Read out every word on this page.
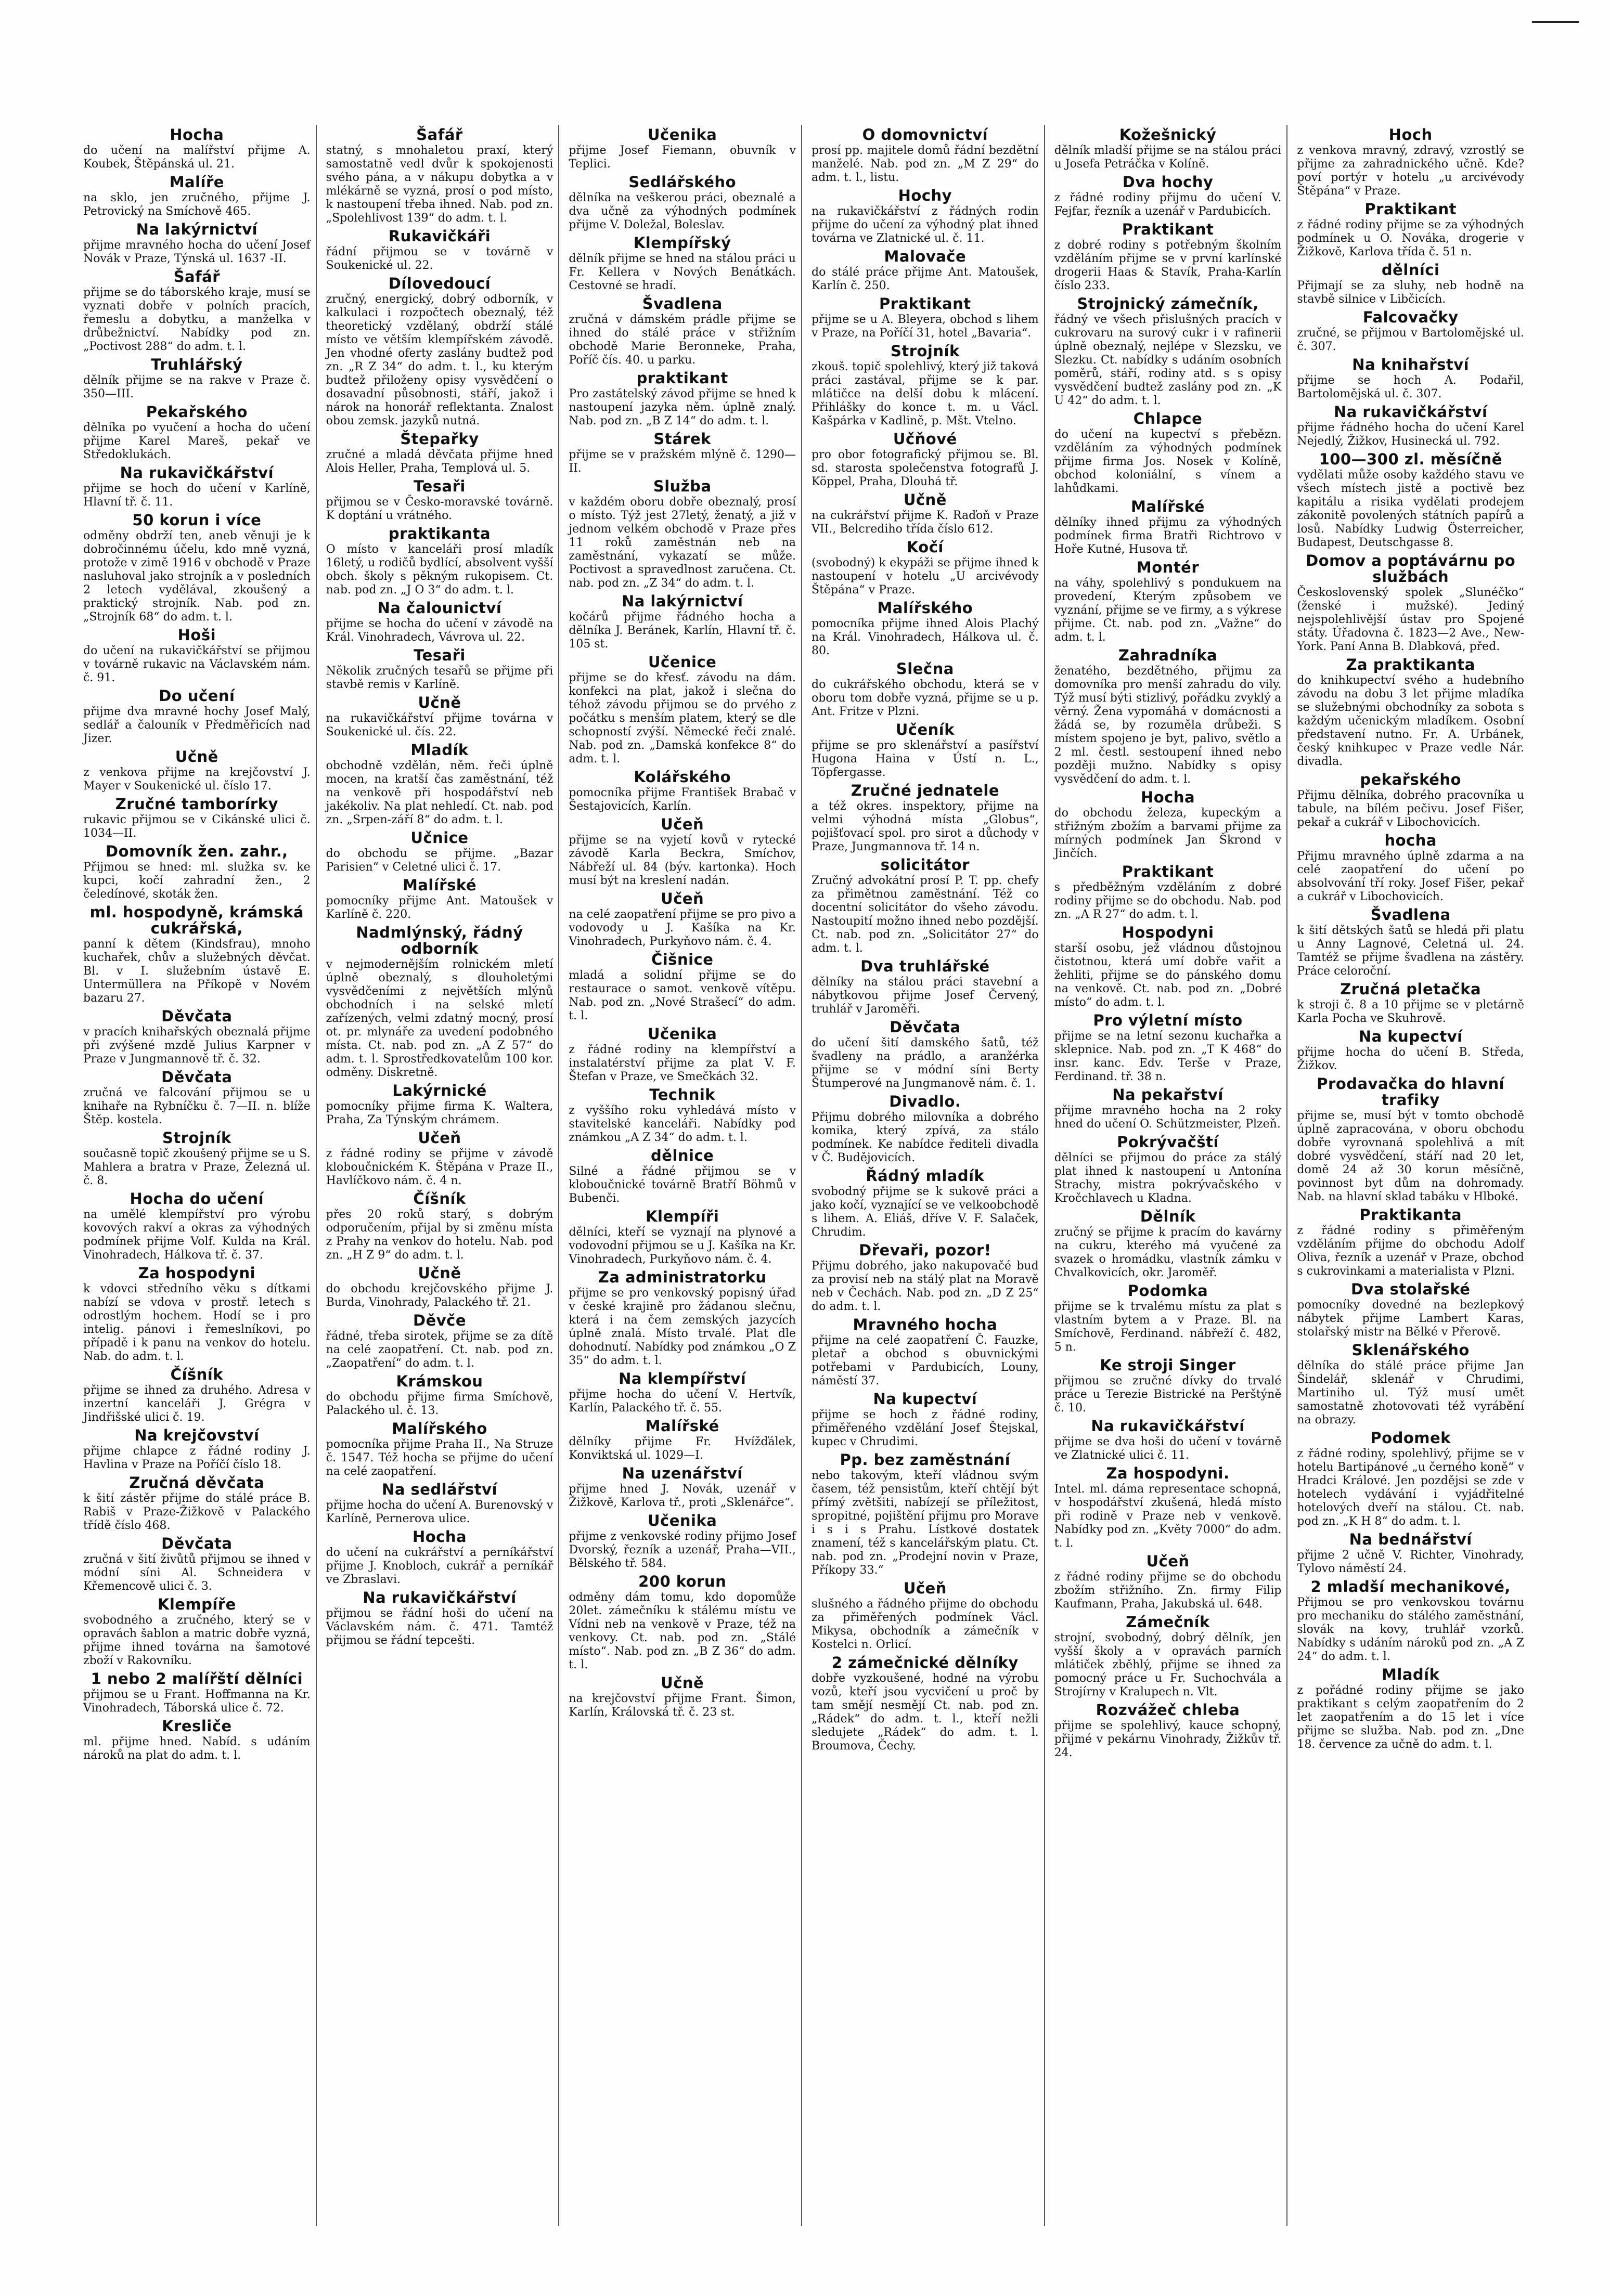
Hocha

do učení na malířství přijme A. Koubek, Štěpánská ul. 21.

Malíře

na sklo, jen zručného, přijme J. Petrovický na Smíchově 465.

Na lakýrnictví

přijme mravného hocha do učení Josef Novák v Praze, Týnská ul. 1637 -II.

Šafář

přijme se do táborského kraje, musí se vyznati dobře v polních pracích, řemeslu a dobytku, a manželka v drůbežnictví. Nabídky pod zn. „Poctivost 288“ do adm. t. l.

Truhlářský

dělník přijme se na rakve v Praze č. 350—III.

Pekařského

dělníka po vyučení a hocha do učení přijme Karel Mareš, pekař ve Středoklukách.

Na rukavičkářství

přijme se hoch do učení v Karlíně, Hlavní tř. č. 11.

50 korun i více

odměny obdrží ten, aneb věnuji je k dobročinnému účelu, kdo mně vyzná, protože v zimě 1916 v obchodě v Praze nasluhoval jako strojník a v posledních 2 letech vydělával, zkoušený a praktický strojník. Nab. pod zn. „Strojník 68“ do adm. t. l.

Hoši

do učení na rukavičkářství se přijmou v továrně rukavic na Václavském nám. č. 91.

Do učení

přijme dva mravné hochy Josef Malý, sedlář a čalouník v Předměřicích nad Jizer.

Učně

z venkova přijme na krejčovství J. Mayer v Soukenické ul. číslo 17.

Zručné tamborírky

rukavic přijmou se v Cikánské ulici č. 1034—II.

Domovník žen. zahr.,

Přijmou se hned: ml. služka sv. ke kupci, kočí zahradní žen., 2 čeledínové, skoták žen.

ml. hospodyně, krámská cukrářská,

panní k dětem (Kindsfrau), mnoho kuchařek, chův a služebných děvčat. Bl. v I. služebním ústavě E. Untermüllera na Příkopě v Novém bazaru 27.

Děvčata

v pracích knihařských obeznalá přijme při zvýšené mzdě Julius Karpner v Praze v Jungmannově tř. č. 32.

Děvčata

zručná ve falcování přijmou se u knihaře na Rybníčku č. 7—II. n. blíže Štěp. kostela.

Strojník

současně topič zkoušený přijme se u S. Mahlera a bratra v Praze, Železná ul. č. 8.

Hocha do učení

na umělé klempířství pro výrobu kovových rakví a okras za výhodných podmínek přijme Volf. Kulda na Král. Vinohradech, Hálkova tř. č. 37.

Za hospodyni

k vdovci středního věku s dítkami nabízí se vdova v prostř. letech s odrostlým hochem. Hodí se i pro intelig. pánovi i řemeslníkovi, po případě i k panu na venkov do hotelu. Nab. do adm. t. l.

Číšník

přijme se ihned za druhého. Adresa v inzertní kanceláři J. Grégra v Jindřišské ulici č. 19.

Na krejčovství

přijme chlapce z řádné rodiny J. Havlina v Praze na Poříčí číslo 18.

Zručná děvčata

k šití zástěr přijme do stálé práce B. Rabiš v Praze-Žižkově v Palackého třídě číslo 468.

Děvčata

zručná v šití živůtů přijmou se ihned v módní síni Al. Schneidera v Křemencově ulici č. 3.

Klempíře

svobodného a zručného, který se v opravách šablon a matric dobře vyzná, přijme ihned továrna na šamotové zboží v Rakovníku.

1 nebo 2 malířští dělníci

přijmou se u Frant. Hoffmanna na Kr. Vinohradech, Táborská ulice č. 72.

Kresliče

ml. přijme hned. Nabíd. s udáním nároků na plat do adm. t. l.

Šafář

statný, s mnohaletou praxí, který samostatně vedl dvůr k spokojenosti svého pána, a v nákupu dobytka a v mlékárně se vyzná, prosí o pod místo, k nastoupení třeba ihned. Nab. pod zn. „Spolehlivost 139“ do adm. t. l.

Rukavičkáři

řádní přijmou se v továrně v Soukenické ul. 22.

Dílovedoucí

zručný, energický, dobrý odborník, v kalkulaci i rozpočtech obeznalý, též theoretický vzdělaný, obdrží stálé místo ve větším klempířském závodě. Jen vhodné oferty zaslány budtež pod zn. „R Z 34“ do adm. t. l., ku kterým budtež přiloženy opisy vysvědčení o dosavadní působnosti, stáří, jakož i nárok na honorář reflektanta. Znalost obou zemsk. jazyků nutná.

Štepařky

zručné a mladá děvčata přijme hned Alois Heller, Praha, Templová ul. 5.

Tesaři

přijmou se v Česko-moravské továrně. K doptání u vrátného.

praktikanta

O místo v kanceláři prosí mladík 16letý, u rodičů bydlící, absolvent vyšší obch. školy s pěkným rukopisem. Ct. nab. pod zn. „J O 3“ do adm. t. l.

Na čalounictví

přijme se hocha do učení v závodě na Král. Vinohradech, Vávrova ul. 22.

Tesaři

Několik zručných tesařů se přijme při stavbě remis v Karlíně.

Učně

na rukavičkářství přijme továrna v Soukenické ul. čís. 22.

Mladík

obchodně vzdělán, něm. řeči úplně mocen, na kratší čas zaměstnání, též na venkově při hospodářství neb jakékoliv. Na plat nehledí. Ct. nab. pod zn. „Srpen-září 8“ do adm. t. l.

Učnice

do obchodu se přijme. „Bazar Parisien“ v Celetné ulici č. 17.

Malířské

pomocníky přijme Ant. Matoušek v Karlíně č. 220.

Nadmlýnský, řádný odborník

v nejmodernějším rolnickém mletí úplně obeznalý, s dlouholetými vysvědčeními z největších mlýnů obchodních i na selské mletí zařízených, velmi zdatný mocný, prosí ot. pr. mlynáře za uvedení podobného místa. Ct. nab. pod zn. „A Z 57“ do adm. t. l. Sprostředkovatelům 100 kor. odměny. Diskretně.

Lakýrnické

pomocníky přijme firma K. Waltera, Praha, Za Týnským chrámem.

Učeň

z řádné rodiny se přijme v závodě kloboučnickém K. Štěpána v Praze II., Havlíčkovo nám. č. 4 n.

Číšník

přes 20 roků starý, s dobrým odporučením, přijal by si změnu místa z Prahy na venkov do hotelu. Nab. pod zn. „H Z 9“ do adm. t. l.

Učně

do obchodu krejčovského přijme J. Burda, Vinohrady, Palackého tř. 21.

Děvče

řádné, třeba sirotek, přijme se za dítě na celé zaopatření. Ct. nab. pod zn. „Zaopatření“ do adm. t. l.

Krámskou

do obchodu přijme firma Smíchově, Palackého ul. č. 13.

Malířského

pomocníka přijme Praha II., Na Struze č. 1547. Též hocha se přijme do učení na celé zaopatření.

Na sedlářství

přijme hocha do učení A. Burenovský v Karlíně, Pernerova ulice.

Hocha

do učení na cukrářství a perníkářství přijme J. Knobloch, cukrář a perníkář ve Zbraslavi.

Na rukavičkářství

přijmou se řádní hoši do učení na Václavském nám. č. 471. Tamtéž přijmou se řádní tepcešti.

Učenika

přijme Josef Fiemann, obuvník v Teplici.

Sedlářského

dělníka na veškerou práci, obeznalé a dva učně za výhodných podmínek přijme V. Doležal, Boleslav.

Klempířský

dělník přijme se hned na stálou práci u Fr. Kellera v Nových Benátkách. Cestovné se hradí.

Švadlena

zručná v dámském prádle přijme se ihned do stálé práce v střižním obchodě Marie Beronneke, Praha, Poříč čís. 40. u parku.

praktikant

Pro zastátelský závod přijme se hned k nastoupení jazyka něm. úplně znalý. Nab. pod zn. „B Z 14“ do adm. t. l.

Stárek

přijme se v pražském mlýně č. 1290—II.

Služba

v každém oboru dobře obeznalý, prosí o místo. Týž jest 27letý, ženatý, a již v jednom velkém obchodě v Praze přes 11 roků zaměstnán neb na zaměstnání, vykazatí se může. Poctivost a spravedlnost zaručena. Ct. nab. pod zn. „Z 34“ do adm. t. l.

Na lakýrnictví

kočárů přijme řádného hocha a dělníka J. Beránek, Karlín, Hlavní tř. č. 105 st.

Učenice

přijme se do křesť. závodu na dám. konfekci na plat, jakož i slečna do téhož závodu přijmou se do prvého z počátku s menším platem, který se dle schopností zvýší. Německé řeči znalé. Nab. pod zn. „Damská konfekce 8“ do adm. t. l.

Kolářského

pomocníka přijme František Brabač v Šestajovicích, Karlín.

Učeň

přijme se na vyjetí kovů v rytecké závodě Karla Beckra, Smíchov, Nábřeží ul. 84 (býv. kartonka). Hoch musí být na kreslení nadán.

Učeň

na celé zaopatření přijme se pro pivo a vodovody u J. Kašíka na Kr. Vinohradech, Purkyňovo nám. č. 4.

Čišnice

mladá a solidní přijme se do restaurace o samot. venkově vítěpu. Nab. pod zn. „Nové Strašecí“ do adm. t. l.

Učenika

z řádné rodiny na klempířství a instalatérství přijme za plat V. F. Štefan v Praze, ve Smečkách 32.

Technik

z vyššího roku vyhledává místo v stavitelské kanceláři. Nabídky pod známkou „A Z 34“ do adm. t. l.

dělnice

Silné a řádné přijmou se v kloboučnické továrně Bratří Böhmů v Bubenči.

Klempíři

dělníci, kteří se vyznají na plynové a vodovodní přijmou se u J. Kašíka na Kr. Vinohradech, Purkyňovo nám. č. 4.

Za administratorku

přijme se pro venkovský popisný úřad v české krajině pro žádanou slečnu, která i na čem zemských jazycích úplně znalá. Místo trvalé. Plat dle dohodnutí. Nabídky pod známkou „O Z 35“ do adm. t. l.

Na klempířství

přijme hocha do učení V. Hertvík, Karlín, Palackého tř. č. 55.

Malířské

dělníky přijme Fr. Hvížďálek, Konviktská ul. 1029—I.

Na uzenářství

přijme hned J. Novák, uzenář v Žižkově, Karlova tř., proti „Sklenářce“.

Učenika

přijme z venkovské rodiny přijmo Josef Dvorský, řezník a uzenář, Praha—VII., Bělského tř. 584.

200 korun

odměny dám tomu, kdo dopomůže 20let. zámečníku k stálému místu ve Vídni neb na venkově v Praze, též na venkovy. Ct. nab. pod zn. „Stálé místo“. Nab. pod zn. „B Z 36“ do adm. t. l.

Učně

na krejčovství přijme Frant. Šimon, Karlín, Královská tř. č. 23 st.

O domovnictví

prosí pp. majitele domů řádní bezdětní manželé. Nab. pod zn. „M Z 29“ do adm. t. l., listu.

Hochy

na rukavičkářství z řádných rodin přijme do učení za výhodný plat ihned továrna ve Zlatnické ul. č. 11.

Malovače

do stálé práce přijme Ant. Matoušek, Karlín č. 250.

Praktikant

přijme se u A. Bleyera, obchod s lihem v Praze, na Poříčí 31, hotel „Bavaria“.

Strojník

zkouš. topič spolehlivý, který již taková práci zastával, přijme se k par. mlátičce na delší dobu k mlácení. Přihlášky do konce t. m. u Václ. Kašpárka v Kadlině, p. Mšt. Vtelno.

Učňové

pro obor fotografický přijmou se. Bl. sd. starosta společenstva fotografů J. Köppel, Praha, Dlouhá tř.

Učně

na cukrářství přijme K. Raďoň v Praze VII., Belcrediho třída číslo 612.

Kočí

(svobodný) k ekypáži se přijme ihned k nastoupení v hotelu „U arcivévody Štěpána“ v Praze.

Malířského

pomocníka přijme ihned Alois Plachý na Král. Vinohradech, Hálkova ul. č. 80.

Slečna

do cukrářského obchodu, která se v oboru tom dobře vyzná, přijme se u p. Ant. Fritze v Plzni.

Učeník

přijme se pro sklenářství a pasířství Hugona Haina v Ústí n. L., Töpfergasse.

Zručné jednatele

a též okres. inspektory, přijme na velmi výhodná místa „Globus“, pojišťovací spol. pro sirot a důchody v Praze, Jungmannova tř. 14 n.

solicitátor

Zručný advokátní prosí P. T. pp. chefy za přimětnou zaměstnání. Též co docentní solicitátor do všeho závodu. Nastoupití možno ihned nebo pozdější. Ct. nab. pod zn. „Solicitátor 27“ do adm. t. l.

Dva truhlářské

dělníky na stálou práci stavební a nábytkovou přijme Josef Červený, truhlář v Jaroměři.

Děvčata

do učení šití damského šatů, též švadleny na prádlo, a aranžérka přijme se v módní síni Berty Štumperové na Jungmanově nám. č. 1.

Divadlo.

Přijmu dobrého milovníka a dobrého komika, který zpívá, za stálo podmínek. Ke nabídce řediteli divadla v Č. Budějovicích.

Řádný mladík

svobodný přijme se k sukově práci a jako kočí, vyznající se ve velkoobchodě s lihem. A. Eliáš, dříve V. F. Salaček, Chrudim.

Dřevaři, pozor!

Přijmu dobrého, jako nakupovačé bud za provisí neb na stálý plat na Moravě neb v Čechách. Nab. pod zn. „D Z 25“ do adm. t. l.

Mravného hocha

přijme na celé zaopatření Č. Fauzke, pletař a obchod s obuvnickými potřebami v Pardubicích, Louny, náměstí 37.

Na kupectví

přijme se hoch z řádné rodiny, přiměřeného vzdělání Josef Štejskal, kupec v Chrudimi.

Pp. bez zaměstnání

nebo takovým, kteří vládnou svým časem, též pensistům, kteří chtějí být přímý zvětšiti, nabízejí se příležitost, spropitné, pojištění přijmu pro Morave i s i s Prahu. Lístkové dostatek znamení, též s kancelářským platu. Ct. nab. pod zn. „Prodejní novin v Praze, Příkopy 33.“

Učeň

slušného a řádného přijme do obchodu za přiměřených podmínek Václ. Mikysa, obchodník a zámečník v Kostelci n. Orlicí.

2 zámečnické dělníky

dobře vyzkoušené, hodné na výrobu vozů, kteří jsou vycvičení u proč by tam smějí nesmějí Ct. nab. pod zn. „Rádek“ do adm. t. l., kteří nežli sledujete „Rádek“ do adm. t. l. Broumova, Čechy.

Kožešnický

dělník mladší přijme se na stálou práci u Josefa Petráčka v Kolíně.

Dva hochy

z řádné rodiny přijmu do učení V. Fejfar, řezník a uzenář v Pardubicích.

Praktikant

z dobré rodiny s potřebným školním vzděláním přijme se v první karlínské drogerii Haas & Stavík, Praha-Karlín číslo 233.

Strojnický zámečník,

řádný ve všech přislušných pracích v cukrovaru na surový cukr i v rafinerii úplně obeznalý, nejlépe v Slezsku, ve Slezku. Ct. nabídky s udáním osobních poměrů, stáří, rodiny atd. s s opisy vysvědčení budtež zaslány pod zn. „K U 42“ do adm. t. l.

Chlapce

do učení na kupectví s přebězn. vzděláním za výhodných podmínek přijme firma Jos. Nosek v Kolíně, obchod koloniální, s vínem a lahůdkami.

Malířské

dělníky ihned přijmu za výhodných podmínek firma Bratři Richtrovo v Hoře Kutné, Husova tř.

Montér

na váhy, spolehlivý s pondukuem na provedení, Kterým způsobem ve vyznání, přijme se ve firmy, a s výkrese přijme. Ct. nab. pod zn. „Važne“ do adm. t. l.

Zahradníka

ženatého, bezdětného, přijmu za domovníka pro menší zahradu do vily. Týž musí býti stizlivý, pořádku zvyklý a věrný. Žena vypomáhá v domácnosti a žádá se, by rozuměla drůbeži. S místem spojeno je byt, palivo, světlo a 2 ml. čestl. sestoupení ihned nebo později mužno. Nabídky s opisy vysvědčení do adm. t. l.

Hocha

do obchodu železa, kupeckým a střižným zbožím a barvami přijme za mírných podmínek Jan Škrond v Jinčích.

Praktikant

s předběžným vzděláním z dobré rodiny přijme se do obchodu. Nab. pod zn. „A R 27“ do adm. t. l.

Hospodyni

starší osobu, jež vládnou důstojnou čistotnou, která umí dobře vařit a žehliti, přijme se do pánského domu na venkově. Ct. nab. pod zn. „Dobré místo“ do adm. t. l.

Pro výletní místo

přijme se na letní sezonu kuchařka a sklepnice. Nab. pod zn. „T K 468“ do insr. kanc. Edv. Terše v Praze, Ferdinand. tř. 38 n.

Na pekařství

přijme mravného hocha na 2 roky hned do učení O. Schützmeister, Plzeň.

Pokrývačští

dělníci se přijmou do práce za stálý plat ihned k nastoupení u Antonína Strachy, mistra pokrývačského v Kročchlavech u Kladna.

Dělník

zručný se přijme k pracím do kavárny na cukru, kterého má vyučené za svazek o hromádku, vlastník zámku v Chvalkovicích, okr. Jaroměř.

Podomka

přijme se k trvalému místu za plat s vlastním bytem a v Praze. Bl. na Smíchově, Ferdinand. nábřeží č. 482, 5 n.

Ke stroji Singer

přijmou se zručné dívky do trvalé práce u Terezie Bistrické na Perštýně č. 10.

Na rukavičkářství

přijme se dva hoši do učení v továrně ve Zlatnické ulici č. 11.

Za hospodyni.

Intel. ml. dáma representace schopná, v hospodářství zkušená, hledá místo při rodině v Praze neb v venkově. Nabídky pod zn. „Květy 7000“ do adm. t. l.

Učeň

z řádné rodiny přijme se do obchodu zbožím střižního. Zn. firmy Filip Kaufmann, Praha, Jakubská ul. 648.

Zámečník

strojní, svobodný, dobrý dělník, jen vyšší školy a v opravách parních mlátiček zběhlý, přijme se ihned za pomocný práce u Fr. Suchochvála a Strojírny v Kralupech n. Vlt.

Rozvážeč chleba

přijme se spolehlivý, kauce schopný, přijmé v pekárnu Vinohrady, Žižkův tř. 24.

Hoch

z venkova mravný, zdravý, vzrostlý se přijme za zahradnického učně. Kde? poví portýr v hotelu „u arcivévody Štěpána“ v Praze.

Praktikant

z řádné rodiny přijme se za výhodných podmínek u O. Nováka, drogerie v Žižkově, Karlova třída č. 51 n.

dělníci

Přijmají se za sluhy, neb hodně na stavbě silnice v Libčicích.

Falcovačky

zručné, se přijmou v Bartolomějské ul. č. 307.

Na knihařství

přijme se hoch A. Podařil, Bartolomějská ul. č. 307.

Na rukavičkářství

přijme řádného hocha do učení Karel Nejedlý, Žižkov, Husinecká ul. 792.

100—300 zl. měsíčně

vydělati může osoby každého stavu ve všech místech jistě a poctivě bez kapitálu a risika vydělati prodejem zákonitě povolených státních papírů a losů. Nabídky Ludwig Österreicher, Budapest, Deutschgasse 8.

Domov a poptávárnu po službách

Československý spolek „Slunéčko“ (ženské i mužské). Jediný nejspolehlivější ústav pro Spojené státy. Úřadovna č. 1823—2 Ave., New-York. Paní Anna B. Dlabková, před.

Za praktikanta

do knihkupectví svého a hudebního závodu na dobu 3 let přijme mladíka se služebnými obchodníky za sobota s každým učenickým mladíkem. Osobní představení nutno. Fr. A. Urbánek, český knihkupec v Praze vedle Nár. divadla.

pekařského

Přijmu dělníka, dobrého pracovníka u tabule, na bílém pečivu. Josef Fišer, pekař a cukrář v Libochovicích.

hocha

Přijmu mravného úplně zdarma a na celé zaopatření do učení po absolvování tří roky. Josef Fišer, pekař a cukrář v Libochovicích.

Švadlena

k šití dětských šatů se hledá při platu u Anny Lagnové, Celetná ul. 24. Tamtéž se přijme švadlena na zástěry. Práce celoroční.

Zručná pletačka

k stroji č. 8 a 10 přijme se v pletárně Karla Pocha ve Skuhrově.

Na kupectví

přijme hocha do učení B. Středa, Žižkov.

Prodavačka do hlavní trafiky

přijme se, musí být v tomto obchodě úplně zapracována, v oboru obchodu dobře vyrovnaná spolehlivá a mít dobré vysvědčení, stáří nad 20 let, domě 24 až 30 korun měsíčně, povinnost byt dům na dohromady. Nab. na hlavní sklad tabáku v Hlboké.

Praktikanta

z řádné rodiny s přiměřeným vzděláním přijme do obchodu Adolf Oliva, řezník a uzenář v Praze, obchod s cukrovinkami a materialista v Plzni.

Dva stolařské

pomocníky dovedné na bezlepkový nábytek přijme Lambert Karas, stolařský mistr na Bělké v Přerově.

Sklenářského

dělníka do stálé práce přijme Jan Šindelář, sklenář v Chrudimi, Martiniho ul. Týž musí umět samostatně zhotovovati též vyrábění na obrazy.

Podomek

z řádné rodiny, spolehlivý, přijme se v hotelu Bartipánové „u černého koně“ v Hradci Králové. Jen pozdějsi se zde v hotelech vydávání i vyjádřitelné hotelových dveří na stálou. Ct. nab. pod zn. „K H 8“ do adm. t. l.

Na bednářství

přijme 2 učně V. Richter, Vinohrady, Tylovo náměstí 24.

2 mladší mechanikové,

Přijmou se pro venkovskou továrnu pro mechaniku do stálého zaměstnání, slovák na kovy, truhlář vzorků. Nabídky s udáním nároků pod zn. „A Z 24“ do adm. t. l.

Mladík

z pořádné rodiny přijme se jako praktikant s celým zaopatřením do 2 let zaopatřením a do 15 let i více přijme se služba. Nab. pod zn. „Dne 18. července za učně do adm. t. l.
